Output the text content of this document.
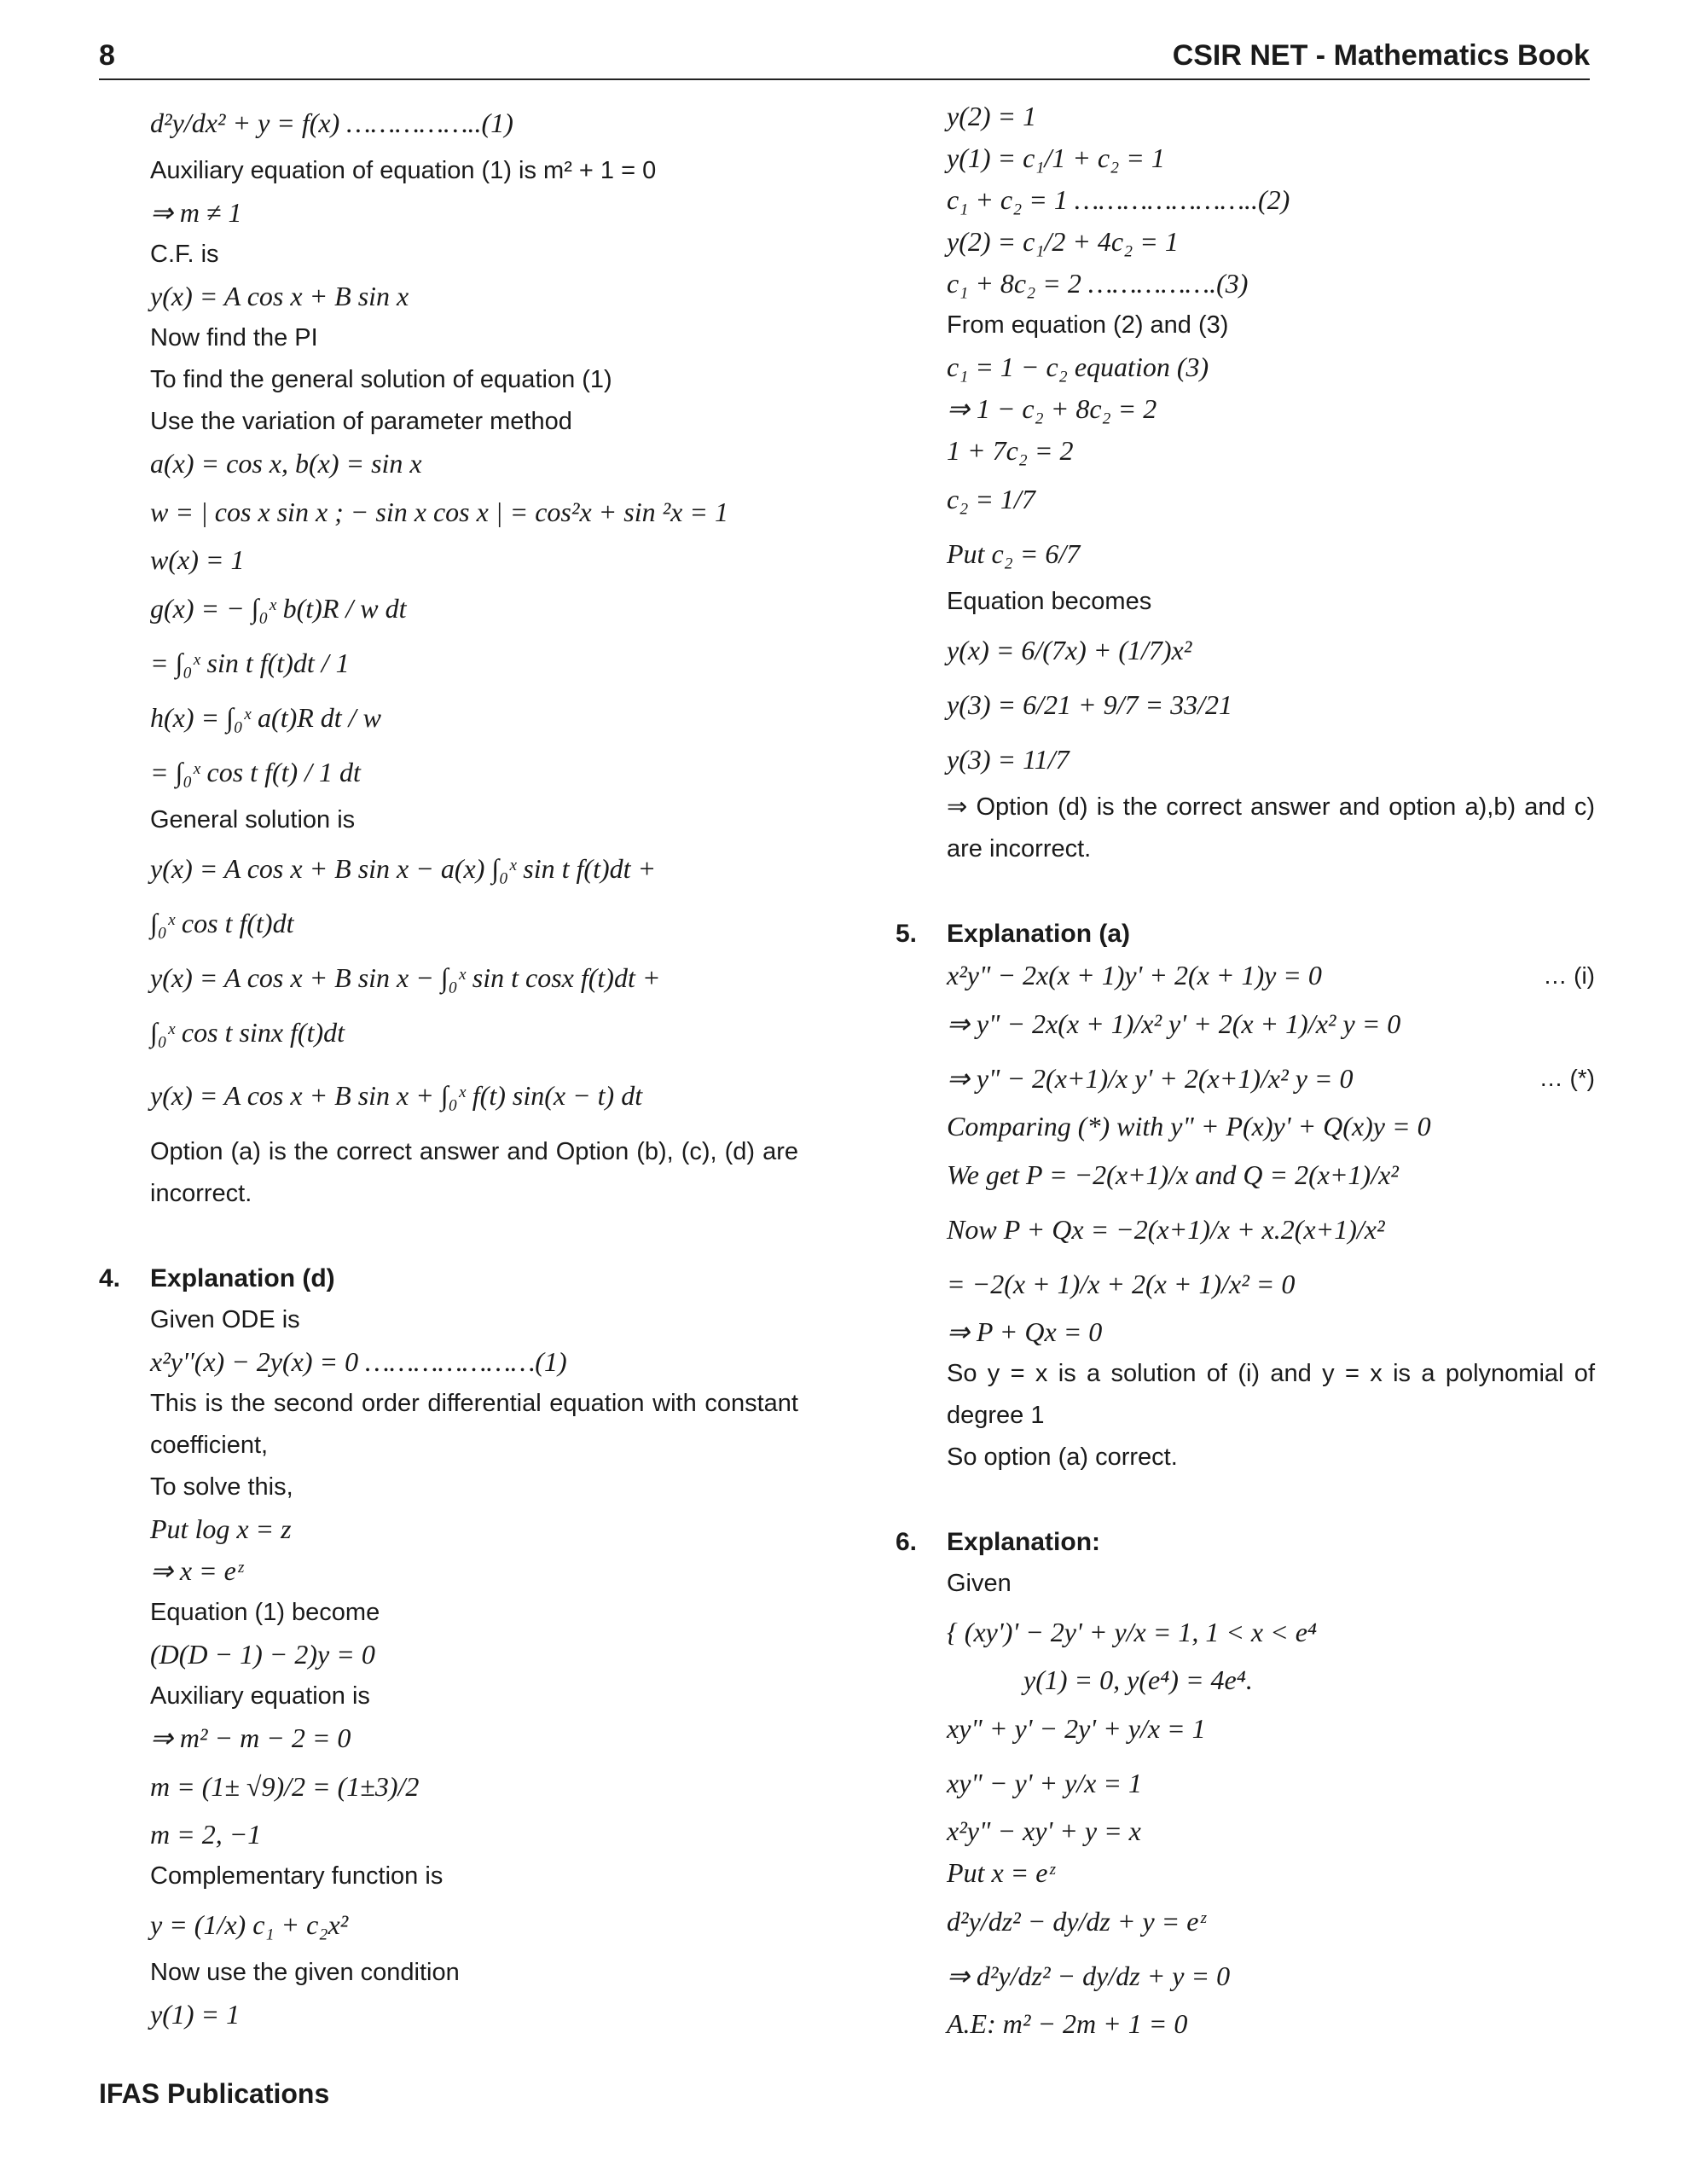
8	CSIR NET - Mathematics Book
d²y/dx² + y = f(x) ……………..(1)
Auxiliary equation of equation (1) is m² + 1 = 0
⇒ m ≠ 1
C.F. is
y(x) = A cos x + B sin x
Now find the PI
To find the general solution of equation (1)
Use the variation of parameter method
a(x) = cos x, b(x) = sin x
w = | cos x sin x ; − sin x cos x | = cos²x + sin ²x = 1
w(x) = 1
g(x) = − ∫₀ˣ b(t)R / w dt
= ∫₀ˣ sin t f(t)dt / 1
h(x) = ∫₀ˣ a(t)R dt / w
= ∫₀ˣ cos t f(t) / 1 dt
General solution is
y(x) = A cos x + B sin x − a(x) ∫₀ˣ sin t f(t)dt +
∫₀ˣ cos t f(t)dt
y(x) = A cos x + B sin x − ∫₀ˣ sin t cosx f(t)dt +
∫₀ˣ cos t sinx f(t)dt
y(x) = A cos x + B sin x + ∫₀ˣ f(t) sin(x − t) dt
Option (a) is the correct answer and Option (b), (c), (d) are incorrect.
4. Explanation (d)
Given ODE is
x²y''(x) − 2y(x) = 0 …………………(1)
This is the second order differential equation with constant coefficient,
To solve this,
Put log x = z
⇒ x = eᶻ
Equation (1) become
(D(D − 1) − 2)y = 0
Auxiliary equation is
⇒ m² − m − 2 = 0
m = (1± √9)/2 = (1±3)/2
m = 2, −1
Complementary function is
y = (1/x) c₁ + c₂x²
Now use the given condition
y(1) = 1
y(2) = 1
y(1) = c₁/1 + c₂ = 1
c₁ + c₂ = 1 …………………..(2)
y(2) = c₁/2 + 4c₂ = 1
c₁ + 8c₂ = 2 …………….(3)
From equation (2) and (3)
c₁ = 1 − c₂ equation (3)
⇒ 1 − c₂ + 8c₂ = 2
1 + 7c₂ = 2
c₂ = 1/7
Put c₂ = 6/7
Equation becomes
y(x) = 6/(7x) + (1/7)x²
y(3) = 6/21 + 9/7 = 33/21
y(3) = 11/7
⇒ Option (d) is the correct answer and option a),b) and c) are incorrect.
5. Explanation (a)
x²y" − 2x(x + 1)y' + 2(x + 1)y = 0	… (i)
⇒ y" − 2x(x + 1)/x² y' + 2(x + 1)/x² y = 0
⇒ y" − 2(x+1)/x y' + 2(x+1)/x² y = 0	… (*)
Comparing (*) with y" + P(x)y' + Q(x)y = 0
We get P = −2(x+1)/x and Q = 2(x+1)/x²
Now P + Qx = −2(x+1)/x + x.2(x+1)/x²
= −2(x + 1)/x + 2(x + 1)/x² = 0
⇒ P + Qx = 0
So y = x is a solution of (i) and y = x is a polynomial of degree 1
So option (a) correct.
6. Explanation:
Given
{ (xy')' − 2y' + y/x = 1, 1 < x < e⁴
y(1) = 0, y(e⁴) = 4e⁴.
xy" + y' − 2y' + y/x = 1
xy" − y' + y/x = 1
x²y" − xy' + y = x
Put x = eᶻ
d²y/dz² − dy/dz + y = eᶻ
⇒ d²y/dz² − dy/dz + y = 0
A.E: m² − 2m + 1 = 0
IFAS Publications
